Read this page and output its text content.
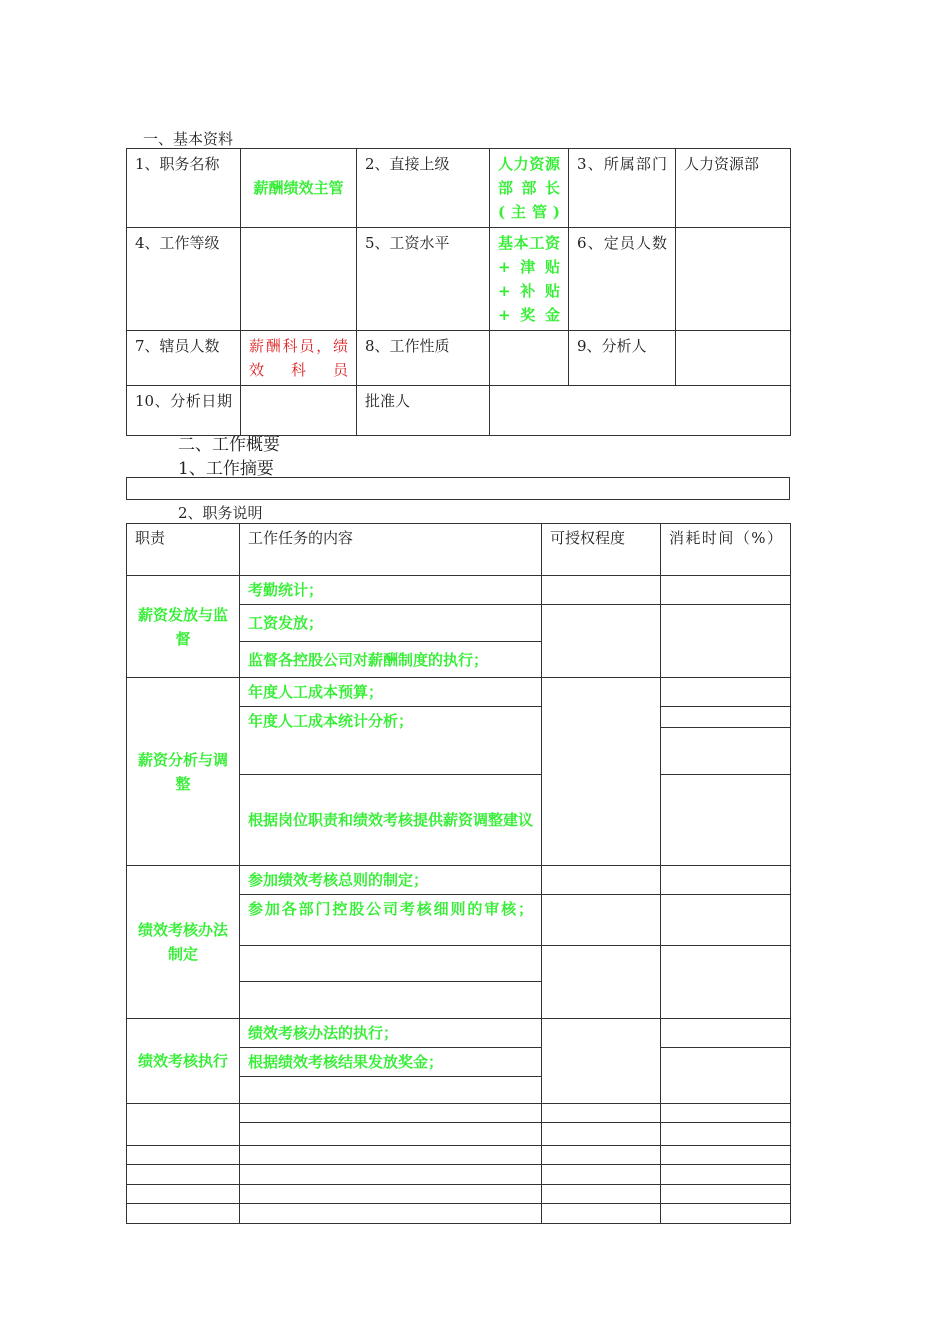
一、基本资料
1、职务名称	薪酬绩效主管	2、直接上级	人力资源部部长(主管)	3、所属部门	人力资源部
4、工作等级		5、工资水平	基本工资+津贴+补贴+奖金	6、定员人数	
7、辖员人数	薪酬科员，绩效科员	8、工作性质		9、分析人	
10、分析日期		批准人			
二、工作概要
1、工作摘要
2、职务说明
职责	工作任务的内容	可授权程度	消耗时间（%）
薪资发放与监督	考勤统计；		
工资发放；		
监督各控股公司对薪酬制度的执行；
薪资分析与调整	年度人工成本预算；		
年度人工成本统计分析；	

根据岗位职责和绩效考核提供薪资调整建议	
绩效考核办法制定	参加绩效考核总则的制定；		
参加各部门控股公司考核细则的审核；		

绩效考核执行	绩效考核办法的执行；		
根据绩效考核结果发放奖金；	
